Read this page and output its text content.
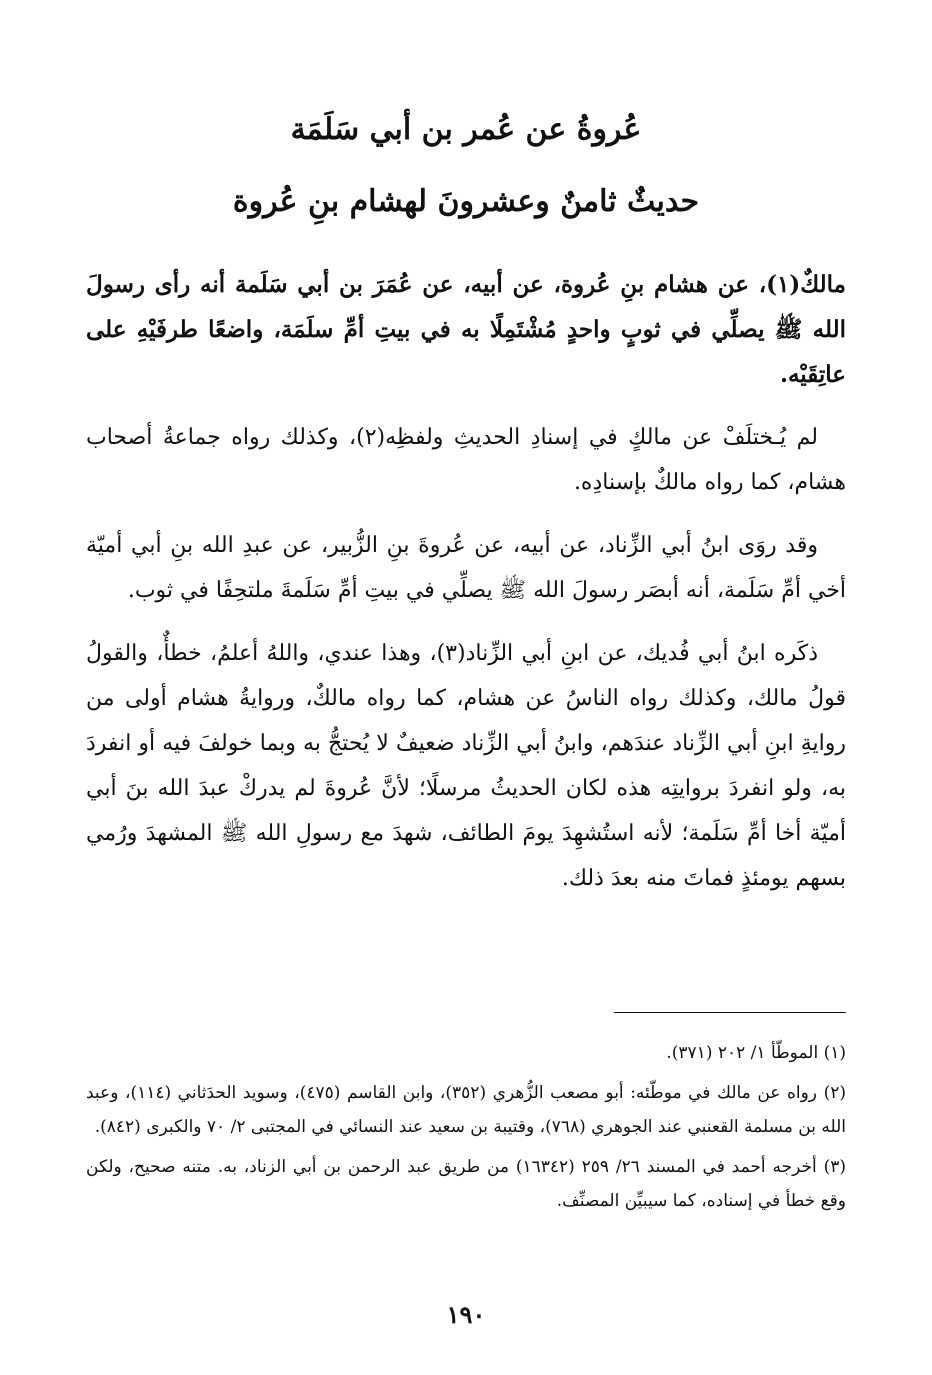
عُروةُ عن عُمر بن أبي سَلَمَة
حديثٌ ثامنٌ وعشرونَ لهشام بنِ عُروة

مالكٌ(١)، عن هشام بنِ عُروة، عن أبيه، عن عُمَرَ بن أبي سَلَمة أنه رأى رسولَ الله ﷺ يصلِّي في ثوبٍ واحدٍ مُشْتَمِلًا به في بيتِ أمِّ سلَمَة، واضعًا طرفَيْهِ على عاتِقَيْه.

لم يُـختلَفْ عن مالكٍ في إسنادِ الحديثِ ولفظِه(٢)، وكذلك رواه جماعةُ أصحاب هشام، كما رواه مالكٌ بإسنادِه.

وقد روَى ابنُ أبي الزِّناد، عن أبيه، عن عُروةَ بنِ الزُّبير، عن عبدِ الله بنِ أبي أميّة أخي أمِّ سَلَمة، أنه أبصَر رسولَ الله ﷺ يصلِّي في بيتِ أمِّ سَلَمةَ ملتحِفًا في ثوب.

ذكَره ابنُ أبي فُديك، عن ابنِ أبي الزِّناد(٣)، وهذا عندي، واللهُ أعلمُ، خطأٌ، والقولُ قولُ مالك، وكذلك رواه الناسُ عن هشام، كما رواه مالكٌ، وروايةُ هشام أولى من روايةِ ابنِ أبي الزِّناد عندَهم، وابنُ أبي الزِّناد ضعيفٌ لا يُحتجُّ به وبما خولفَ فيه أو انفردَ به، ولو انفردَ بروايتِه هذه لكان الحديثُ مرسلًا؛ لأنَّ عُروةَ لم يدركْ عبدَ الله بنَ أبي أميّة أخا أمِّ سَلَمة؛ لأنه استُشهِدَ يومَ الطائف، شهدَ مع رسولِ الله ﷺ المشهدَ ورُمي بسهم يومئذٍ فماتَ منه بعدَ ذلك.

(١) الموطّأ ١/ ٢٠٢ (٣٧١).

(٢) رواه عن مالك في موطّئه: أبو مصعب الزُّهري (٣٥٢)، وابن القاسم (٤٧٥)، وسويد الحدَثاني (١١٤)، وعبد الله بن مسلمة القعنبي عند الجوهري (٧٦٨)، وقتيبة بن سعيد عند النسائي في المجتبى ٢/ ٧٠ والكبرى (٨٤٢).

(٣) أخرجه أحمد في المسند ٢٦/ ٢٥٩ (١٦٣٤٢) من طريق عبد الرحمن بن أبي الزناد، به. متنه صحيح، ولكن وقع خطأ في إسناده، كما سيبيِّن المصنِّف.

١٩٠
